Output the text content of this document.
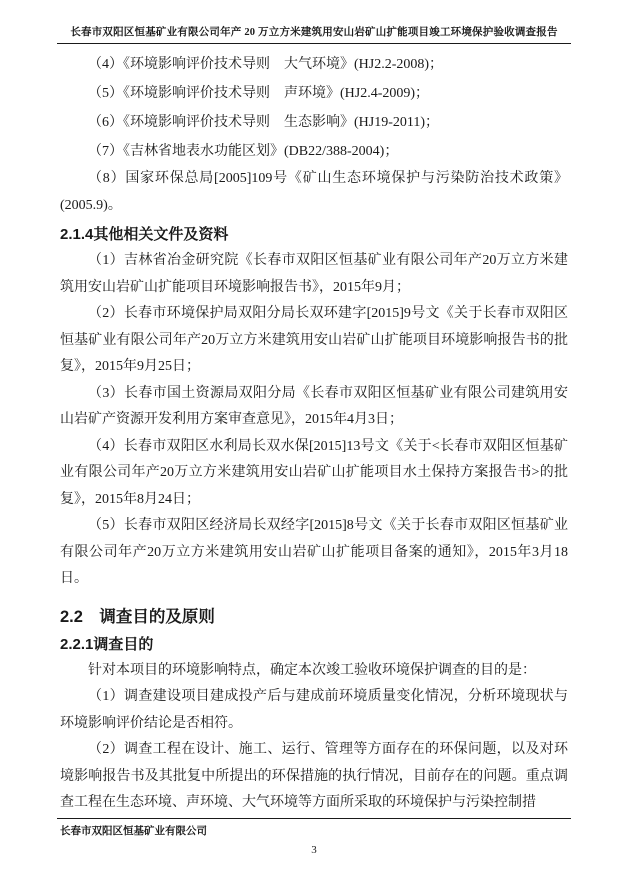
长春市双阳区恒基矿业有限公司年产 20 万立方米建筑用安山岩矿山扩能项目竣工环境保护验收调查报告

（4）《环境影响评价技术导则　大气环境》(HJ2.2-2008)；

（5）《环境影响评价技术导则　声环境》(HJ2.4-2009)；

（6）《环境影响评价技术导则　生态影响》(HJ19-2011)；

（7）《吉林省地表水功能区划》(DB22/388-2004)；

（8）国家环保总局[2005]109号《矿山生态环境保护与污染防治技术政策》(2005.9)。

2.1.4其他相关文件及资料

（1）吉林省冶金研究院《长春市双阳区恒基矿业有限公司年产20万立方米建筑用安山岩矿山扩能项目环境影响报告书》，2015年9月；

（2）长春市环境保护局双阳分局长双环建字[2015]9号文《关于长春市双阳区恒基矿业有限公司年产20万立方米建筑用安山岩矿山扩能项目环境影响报告书的批复》，2015年9月25日；

（3）长春市国土资源局双阳分局《长春市双阳区恒基矿业有限公司建筑用安山岩矿产资源开发利用方案审查意见》，2015年4月3日；

（4）长春市双阳区水利局长双水保[2015]13号文《关于<长春市双阳区恒基矿业有限公司年产20万立方米建筑用安山岩矿山扩能项目水土保持方案报告书>的批复》，2015年8月24日；

（5）长春市双阳区经济局长双经字[2015]8号文《关于长春市双阳区恒基矿业有限公司年产20万立方米建筑用安山岩矿山扩能项目备案的通知》，2015年3月18日。

2.2　调查目的及原则
2.2.1调查目的

针对本项目的环境影响特点，确定本次竣工验收环境保护调查的目的是：

（1）调查建设项目建成投产后与建成前环境质量变化情况，分析环境现状与环境影响评价结论是否相符。

（2）调查工程在设计、施工、运行、管理等方面存在的环保问题，以及对环境影响报告书及其批复中所提出的环保措施的执行情况，目前存在的问题。重点调查工程在生态环境、声环境、大气环境等方面所采取的环境保护与污染控制措

长春市双阳区恒基矿业有限公司
3
